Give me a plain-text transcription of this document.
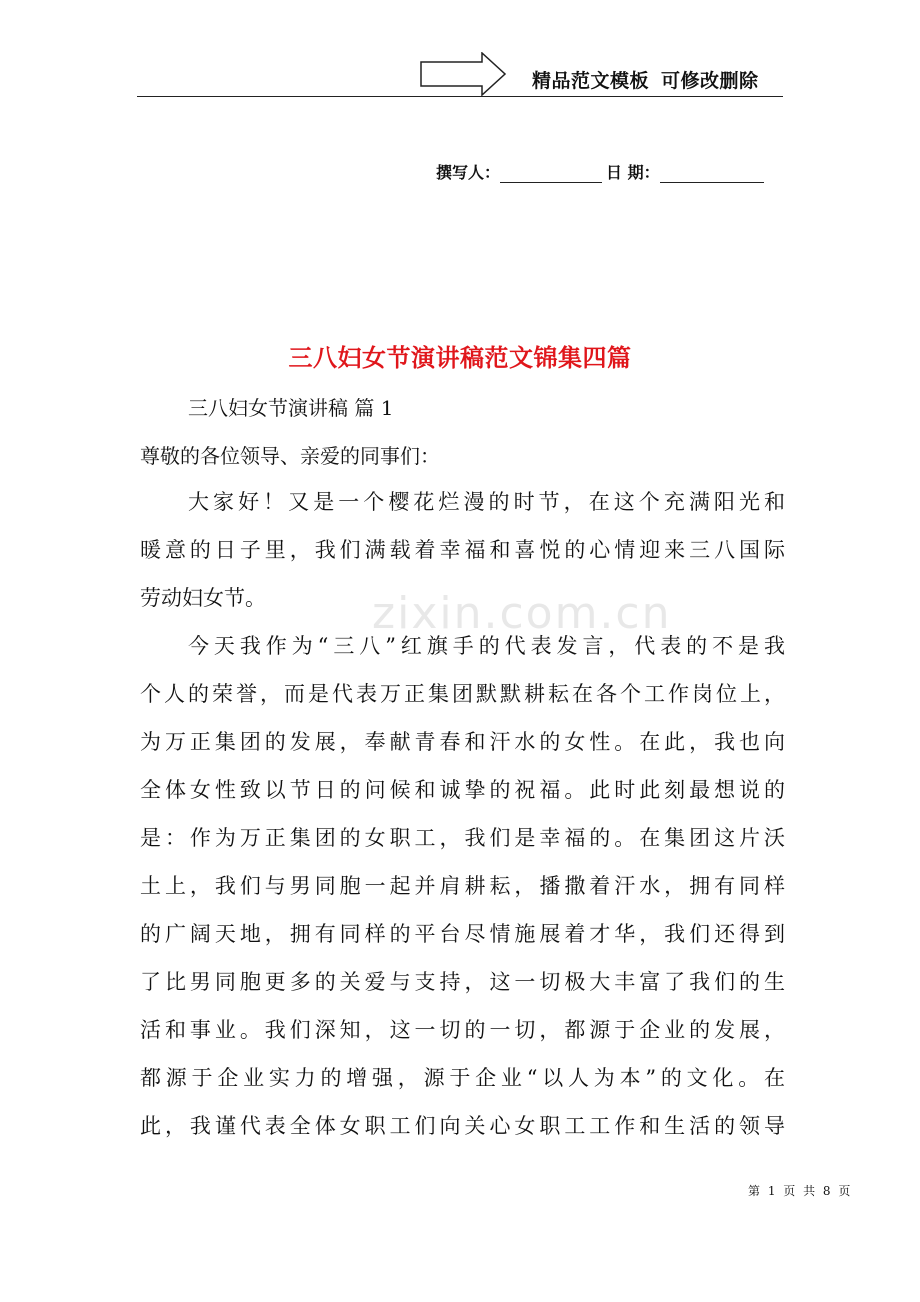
精品范文模板 可修改删除
撰写人：	日 期：
三八妇女节演讲稿范文锦集四篇
三八妇女节演讲稿 篇 1
尊敬的各位领导、亲爱的同事们：
zixin.com.cn
大家好！又是一个樱花烂漫的时节，在这个充满阳光和
暖意的日子里，我们满载着幸福和喜悦的心情迎来三八国际
劳动妇女节。
今天我作为“三八”红旗手的代表发言，代表的不是我
个人的荣誉，而是代表万正集团默默耕耘在各个工作岗位上，
为万正集团的发展，奉献青春和汗水的女性。在此，我也向
全体女性致以节日的问候和诚挚的祝福。此时此刻最想说的
是：作为万正集团的女职工，我们是幸福的。在集团这片沃
土上，我们与男同胞一起并肩耕耘，播撒着汗水，拥有同样
的广阔天地，拥有同样的平台尽情施展着才华，我们还得到
了比男同胞更多的关爱与支持，这一切极大丰富了我们的生
活和事业。我们深知，这一切的一切，都源于企业的发展，
都源于企业实力的增强，源于企业“以人为本”的文化。在
此，我谨代表全体女职工们向关心女职工工作和生活的领导
第 1 页 共 8 页
